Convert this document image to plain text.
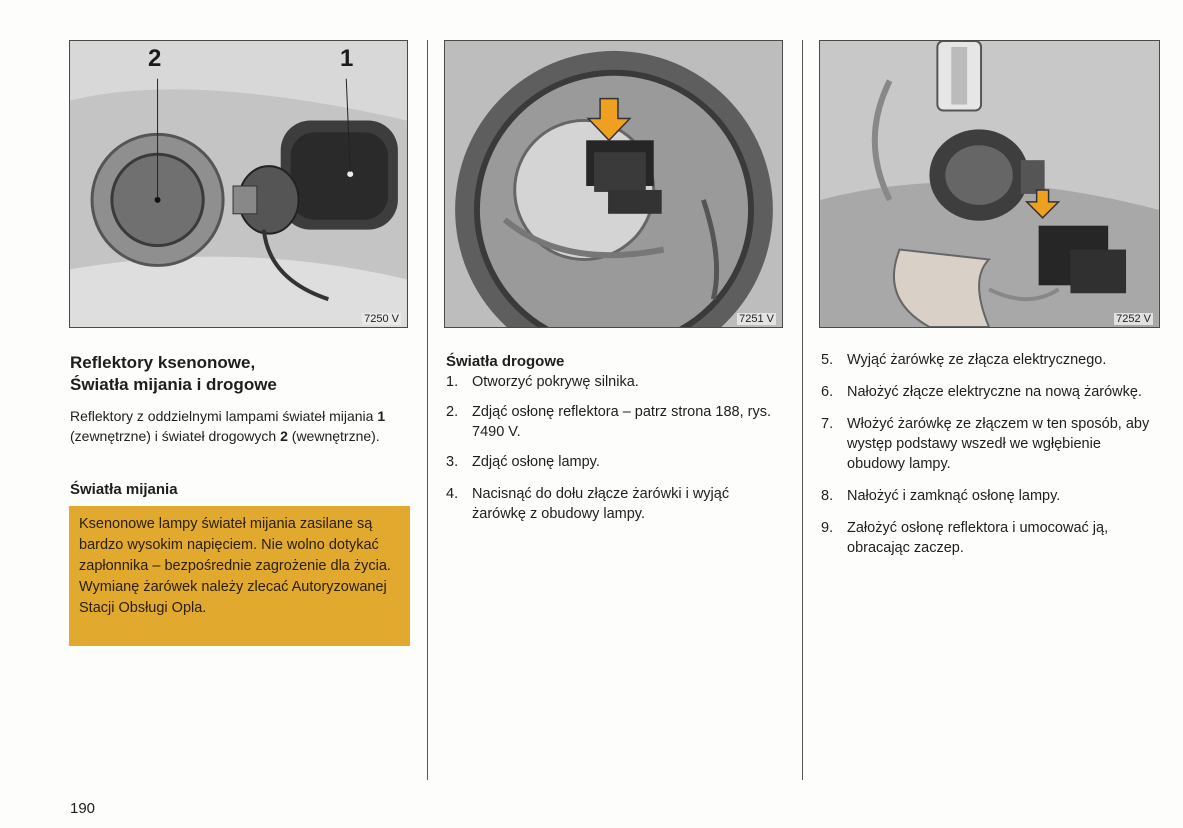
2	1
7250 V	7251 V	7252 V
Reflektory ksenonowe,
Światła mijania i drogowe
Reflektory z oddzielnymi lampami świateł mijania 1 (zewnętrzne) i świateł drogowych 2 (wewnętrzne).
Światła mijania
Ksenonowe lampy świateł mijania zasilane są bardzo wysokim napięciem. Nie wolno dotykać zapłonnika – bezpośrednie zagrożenie dla życia. Wymianę żarówek należy zlecać Autoryzowanej Stacji Obsługi Opla.
Światła drogowe
1. Otworzyć pokrywę silnika.
2. Zdjąć osłonę reflektora – patrz strona 188, rys. 7490 V.
3. Zdjąć osłonę lampy.
4. Nacisnąć do dołu złącze żarówki i wyjąć żarówkę z obudowy lampy.
5. Wyjąć żarówkę ze złącza elektrycznego.
6. Nałożyć złącze elektryczne na nową żarówkę.
7. Włożyć żarówkę ze złączem w ten sposób, aby występ podstawy wszedł we wgłębienie obudowy lampy.
8. Nałożyć i zamknąć osłonę lampy.
9. Założyć osłonę reflektora i umocować ją, obracając zaczep.
190
